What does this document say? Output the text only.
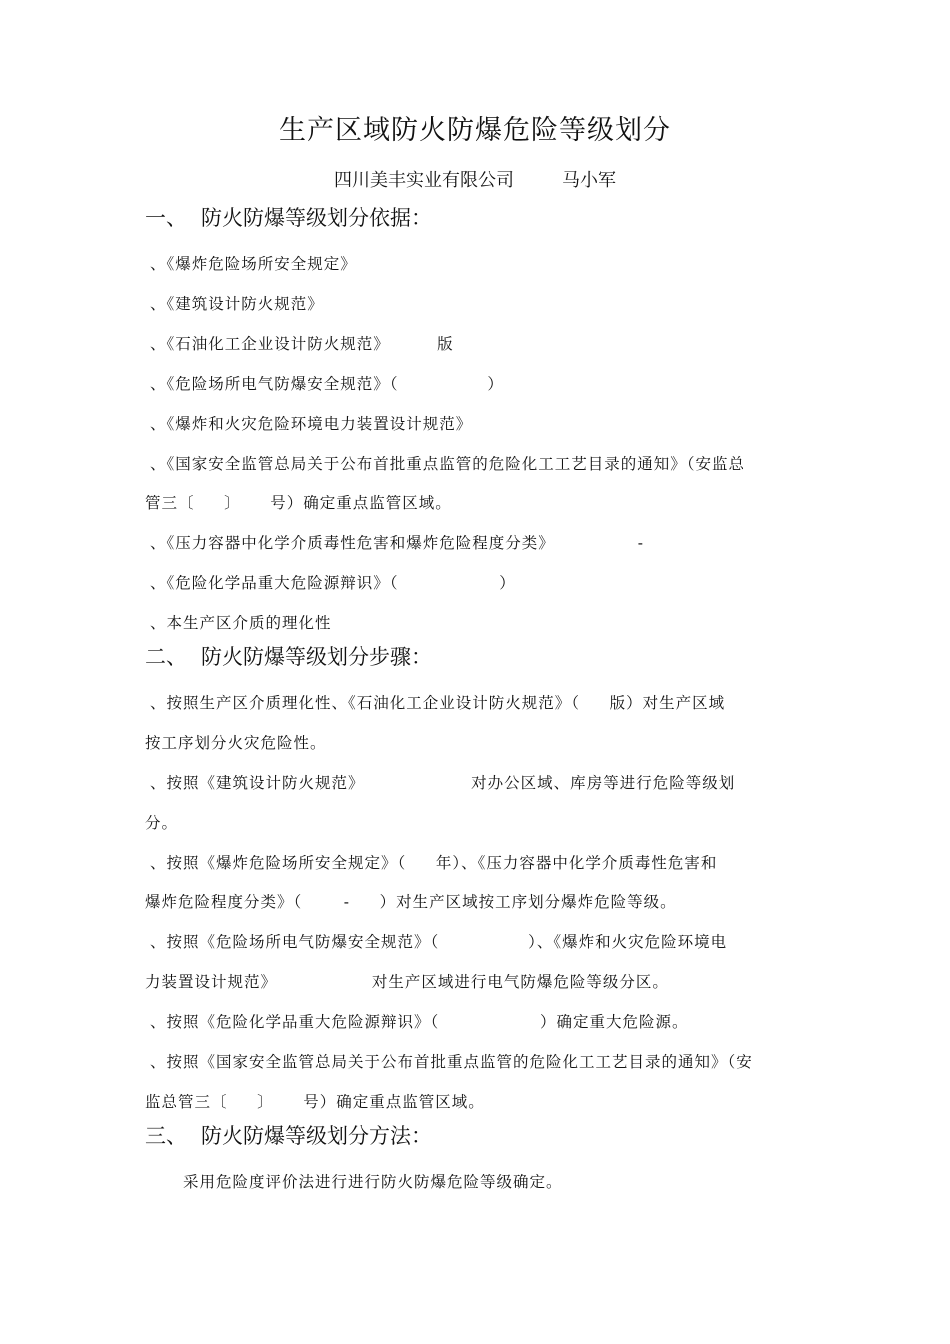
生产区域防火防爆危险等级划分
四川美丰实业有限公司	马小军
一、 防火防爆等级划分依据：
、《爆炸危险场所安全规定》
、《建筑设计防火规范》
、《石油化工企业设计防火规范》        版
、《危险场所电气防爆安全规范》（               ）
、《爆炸和火灾危险环境电力装置设计规范》
、《国家安全监管总局关于公布首批重点监管的危险化工工艺目录的通知》（安监总
管三〔     〕     号）确定重点监管区域。
、《压力容器中化学介质毒性危害和爆炸危险程度分类》              -
、《危险化学品重大危险源辩识》（                 ）
、本生产区介质的理化性
二、 防火防爆等级划分步骤：
、按照生产区介质理化性、《石油化工企业设计防火规范》（     版）对生产区域
按工序划分火灾危险性。
、按照《建筑设计防火规范》                  对办公区域、库房等进行危险等级划
分。
、按照《爆炸危险场所安全规定》（     年）、《压力容器中化学介质毒性危害和
爆炸危险程度分类》（       -     ）对生产区域按工序划分爆炸危险等级。
、按照《危险场所电气防爆安全规范》（               ）、《爆炸和火灾危险环境电
力装置设计规范》                对生产区域进行电气防爆危险等级分区。
、按照《危险化学品重大危险源辩识》（                 ）确定重大危险源。
、按照《国家安全监管总局关于公布首批重点监管的危险化工工艺目录的通知》（安
监总管三〔     〕     号）确定重点监管区域。
三、 防火防爆等级划分方法：
采用危险度评价法进行进行防火防爆危险等级确定。
